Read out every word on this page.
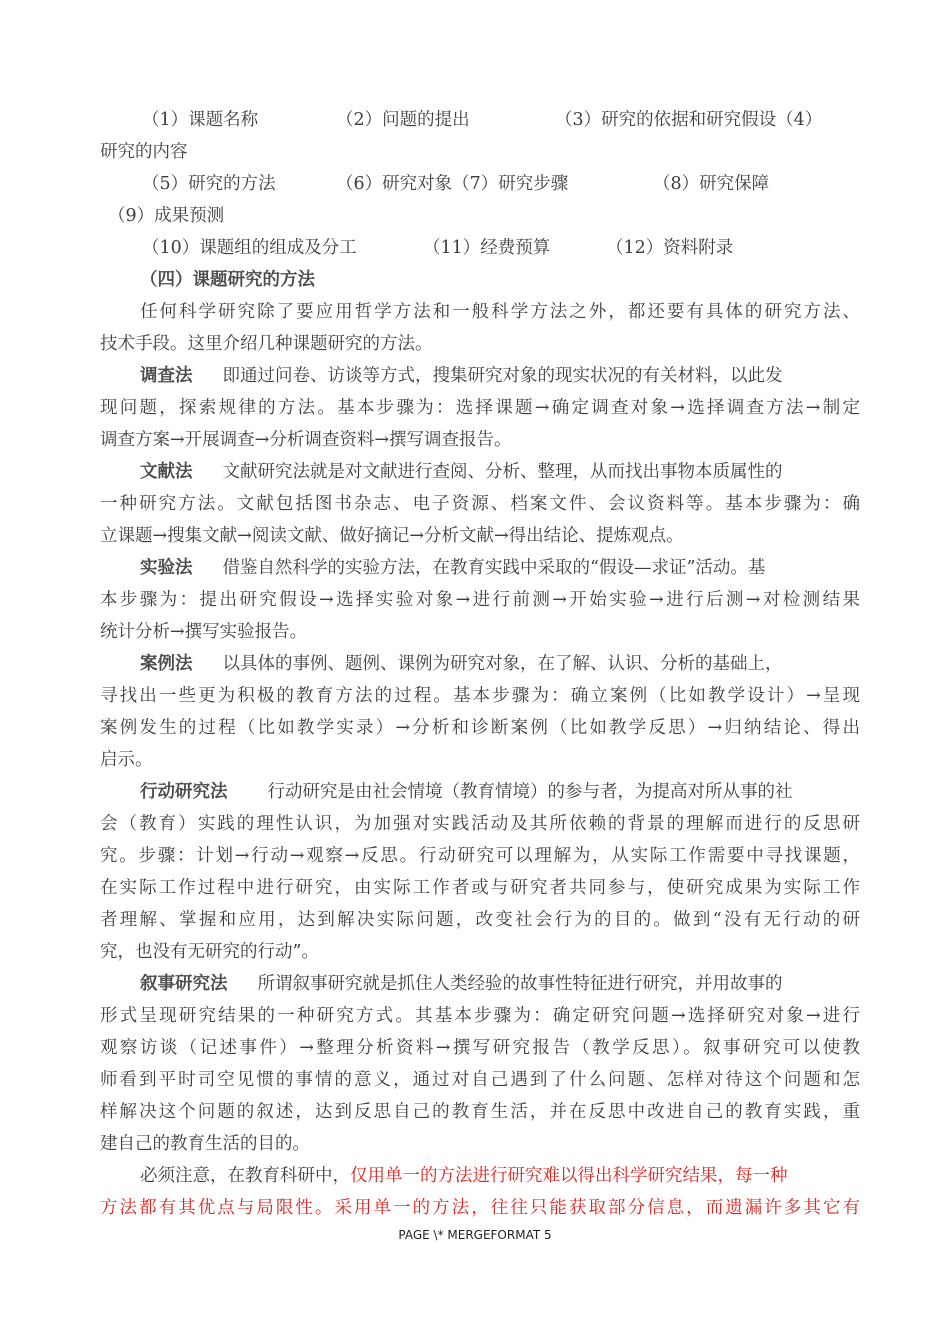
（1）课题名称	（2）问题的提出	（3）研究的依据和研究假设（4）
研究的内容
（5）研究的方法	（6）研究对象（7）研究步骤	（8）研究保障
（9）成果预测
（10）课题组的组成及分工	（11）经费预算	（12）资料附录
（四）课题研究的方法
任何科学研究除了要应用哲学方法和一般科学方法之外，都还要有具体的研究方法、
技术手段。这里介绍几种课题研究的方法。
调查法 即通过问卷、访谈等方式，搜集研究对象的现实状况的有关材料，以此发
现问题，探索规律的方法。基本步骤为：选择课题→确定调查对象→选择调查方法→制定
调查方案→开展调查→分析调查资料→撰写调查报告。
文献法 文献研究法就是对文献进行查阅、分析、整理，从而找出事物本质属性的
一种研究方法。文献包括图书杂志、电子资源、档案文件、会议资料等。基本步骤为：确
立课题→搜集文献→阅读文献、做好摘记→分析文献→得出结论、提炼观点。
实验法 借鉴自然科学的实验方法，在教育实践中采取的“假设—求证”活动。基
本步骤为：提出研究假设→选择实验对象→进行前测→开始实验→进行后测→对检测结果
统计分析→撰写实验报告。
案例法 以具体的事例、题例、课例为研究对象，在了解、认识、分析的基础上，
寻找出一些更为积极的教育方法的过程。基本步骤为：确立案例（比如教学设计）→呈现
案例发生的过程（比如教学实录）→分析和诊断案例（比如教学反思）→归纳结论、得出
启示。
行动研究法 行动研究是由社会情境（教育情境）的参与者，为提高对所从事的社
会（教育）实践的理性认识，为加强对实践活动及其所依赖的背景的理解而进行的反思研
究。步骤：计划→行动→观察→反思。行动研究可以理解为，从实际工作需要中寻找课题，
在实际工作过程中进行研究，由实际工作者或与研究者共同参与，使研究成果为实际工作
者理解、掌握和应用，达到解决实际问题，改变社会行为的目的。做到“没有无行动的研
究，也没有无研究的行动”。
叙事研究法 所谓叙事研究就是抓住人类经验的故事性特征进行研究，并用故事的
形式呈现研究结果的一种研究方式。其基本步骤为：确定研究问题→选择研究对象→进行
观察访谈（记述事件）→整理分析资料→撰写研究报告（教学反思）。叙事研究可以使教
师看到平时司空见惯的事情的意义，通过对自己遇到了什么问题、怎样对待这个问题和怎
样解决这个问题的叙述，达到反思自己的教育生活，并在反思中改进自己的教育实践，重
建自己的教育生活的目的。
必须注意，在教育科研中，仅用单一的方法进行研究难以得出科学研究结果，每一种
方法都有其优点与局限性。采用单一的方法，往往只能获取部分信息，而遗漏许多其它有
PAGE \* MERGEFORMAT 5
